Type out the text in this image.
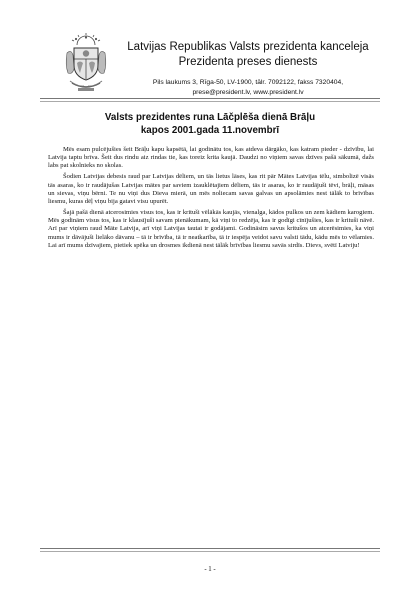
Latvijas Republikas Valsts prezidenta kanceleja
Prezidenta preses dienests
Pils laukums 3, Rīga-50, LV-1900, tālr. 7092122, fakss 7320404,
prese@president.lv, www.president.lv
Valsts prezidentes runa Lāčplēša dienā Brāļu kapos 2001.gada 11.novembrī

Mēs esam pulcējušies šeit Brāļu kapu kapsētā, lai godinātu tos, kas atdeva dārgāko, kas katram pieder - dzīvību, lai Latvija taptu brīva. Šeit dus rindu aiz rindas tie, kas toreiz krita kaujā. Daudzi no viņiem savas dzīves pašā sākumā, dažs labs pat skolnieks no skolas.

Šodien Latvijas debesis raud par Latvijas dēliem, un tās lietus lāses, kas rit pār Mātes Latvijas tēlu, simbolizē visās tās asaras, ko ir raudājušas Latvijas mātes par saviem izauklētajiem dēliem, tās ir asaras, ko ir raudājuši tēvi, brāļi, māsas un sievas, viņu bērni. Te nu viņi dus Dieva mierā, un mēs noliecam savas galvas un apsolāmies nest tālāk to brīvības liesmu, kuras dēļ viņu bija gatavi visu upurēt.

Šajā pašā dienā atcerosimies visus tos, kas ir krituši vēlākās kaujās, vienalga, kādos pulkos un zem kādiem karogiem. Mēs godinām visus tos, kas ir klausījuši savam pienākumam, kā viņi to redzēja, kas ir godīgi cīnījušies, kas ir krituši nāvē. Arī par viņiem raud Māte Latvija, arī viņi Latvijas tautai ir godājami. Godināsim savus kritušos un atcerēsimies, ka viņi mums ir dāvājuši lielāko dāvanu – tā ir brīvība, tā ir neatkarība, tā ir iespēja veidot savu valsti tādu, kādu mēs to vēlamies. Lai arī mums dzīvajiem, pietiek spēka un drosmes ikdienā nest tālāk brīvības liesmu savās sirdīs. Dievs, svētī Latviju!

- 1 -
